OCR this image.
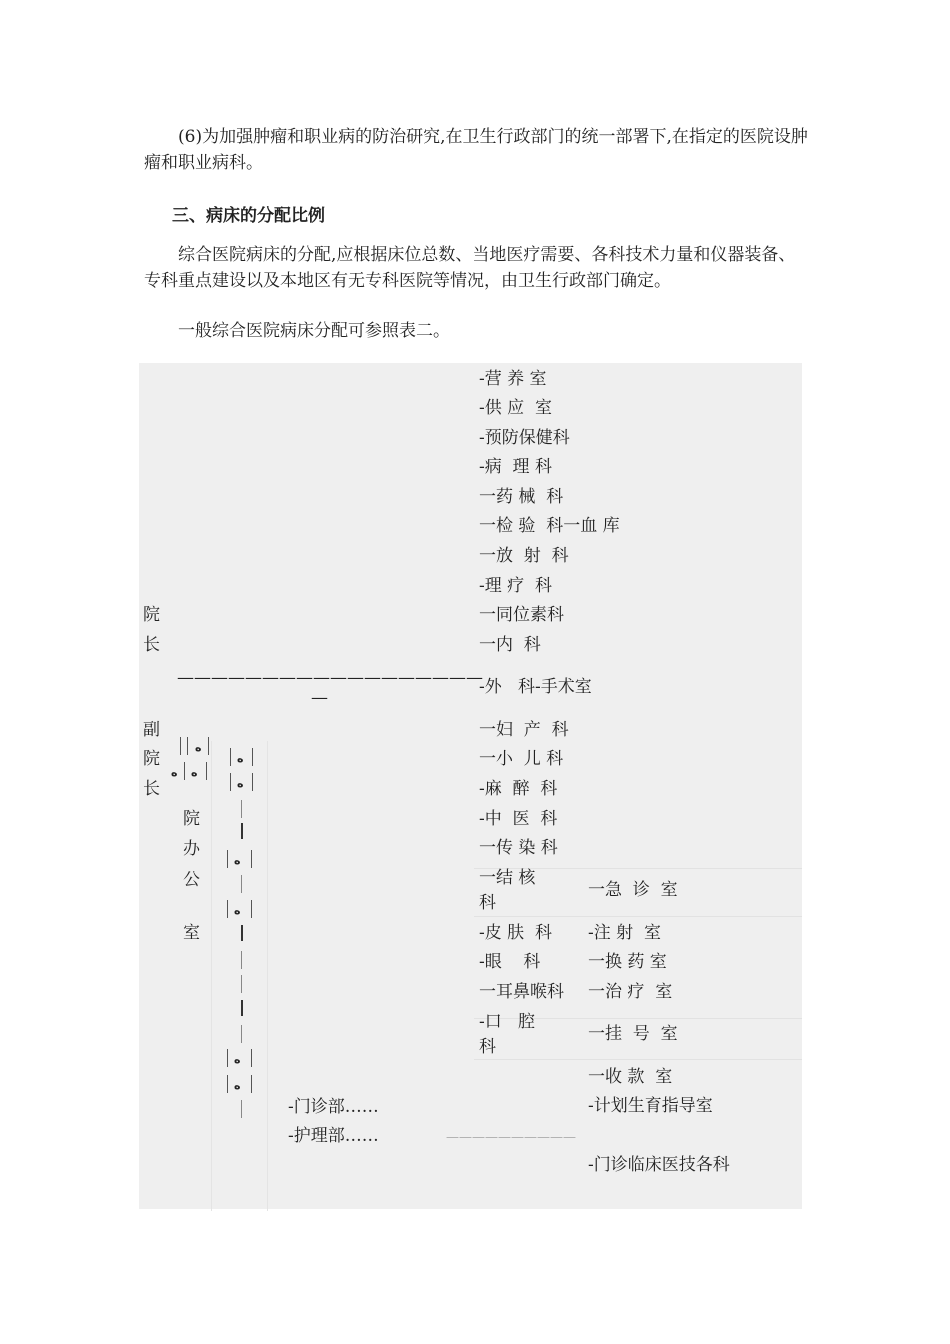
(6)为加强肿瘤和职业病的防治研究,在卫生行政部门的统一部署下,在指定的医院设肿瘤和职业病科。

三、病床的分配比例

综合医院病床的分配,应根据床位总数、当地医疗需要、各科技术力量和仪器装备、专科重点建设以及本地区有无专科医院等情况，由卫生行政部门确定。

一般综合医院病床分配可参照表二。

院
长
——————————————————
—
副
院
长
院
办
公
室
ه
ه ه
ه
ه
ه
ه
ه
ه
-门诊部……
-护理部……	——————————
-营 养 室
-供 应  室
-预防保健科
-病  理 科
一药 械  科
一检 验  科一血 库
一放  射  科
-理 疗  科
一同位素科
一内  科
-外   科-手术室
一妇  产  科
一小  儿 科
-麻  醉  科
-中  医  科
一传 染 科
一结 核
科
-皮 肤  科
-眼    科
一耳鼻喉科
-口   腔
科
一急  诊  室
-注 射  室
一换 药 室
一治 疗  室
一挂  号  室
一收 款  室
-计划生育指导室
-门诊临床医技各科
